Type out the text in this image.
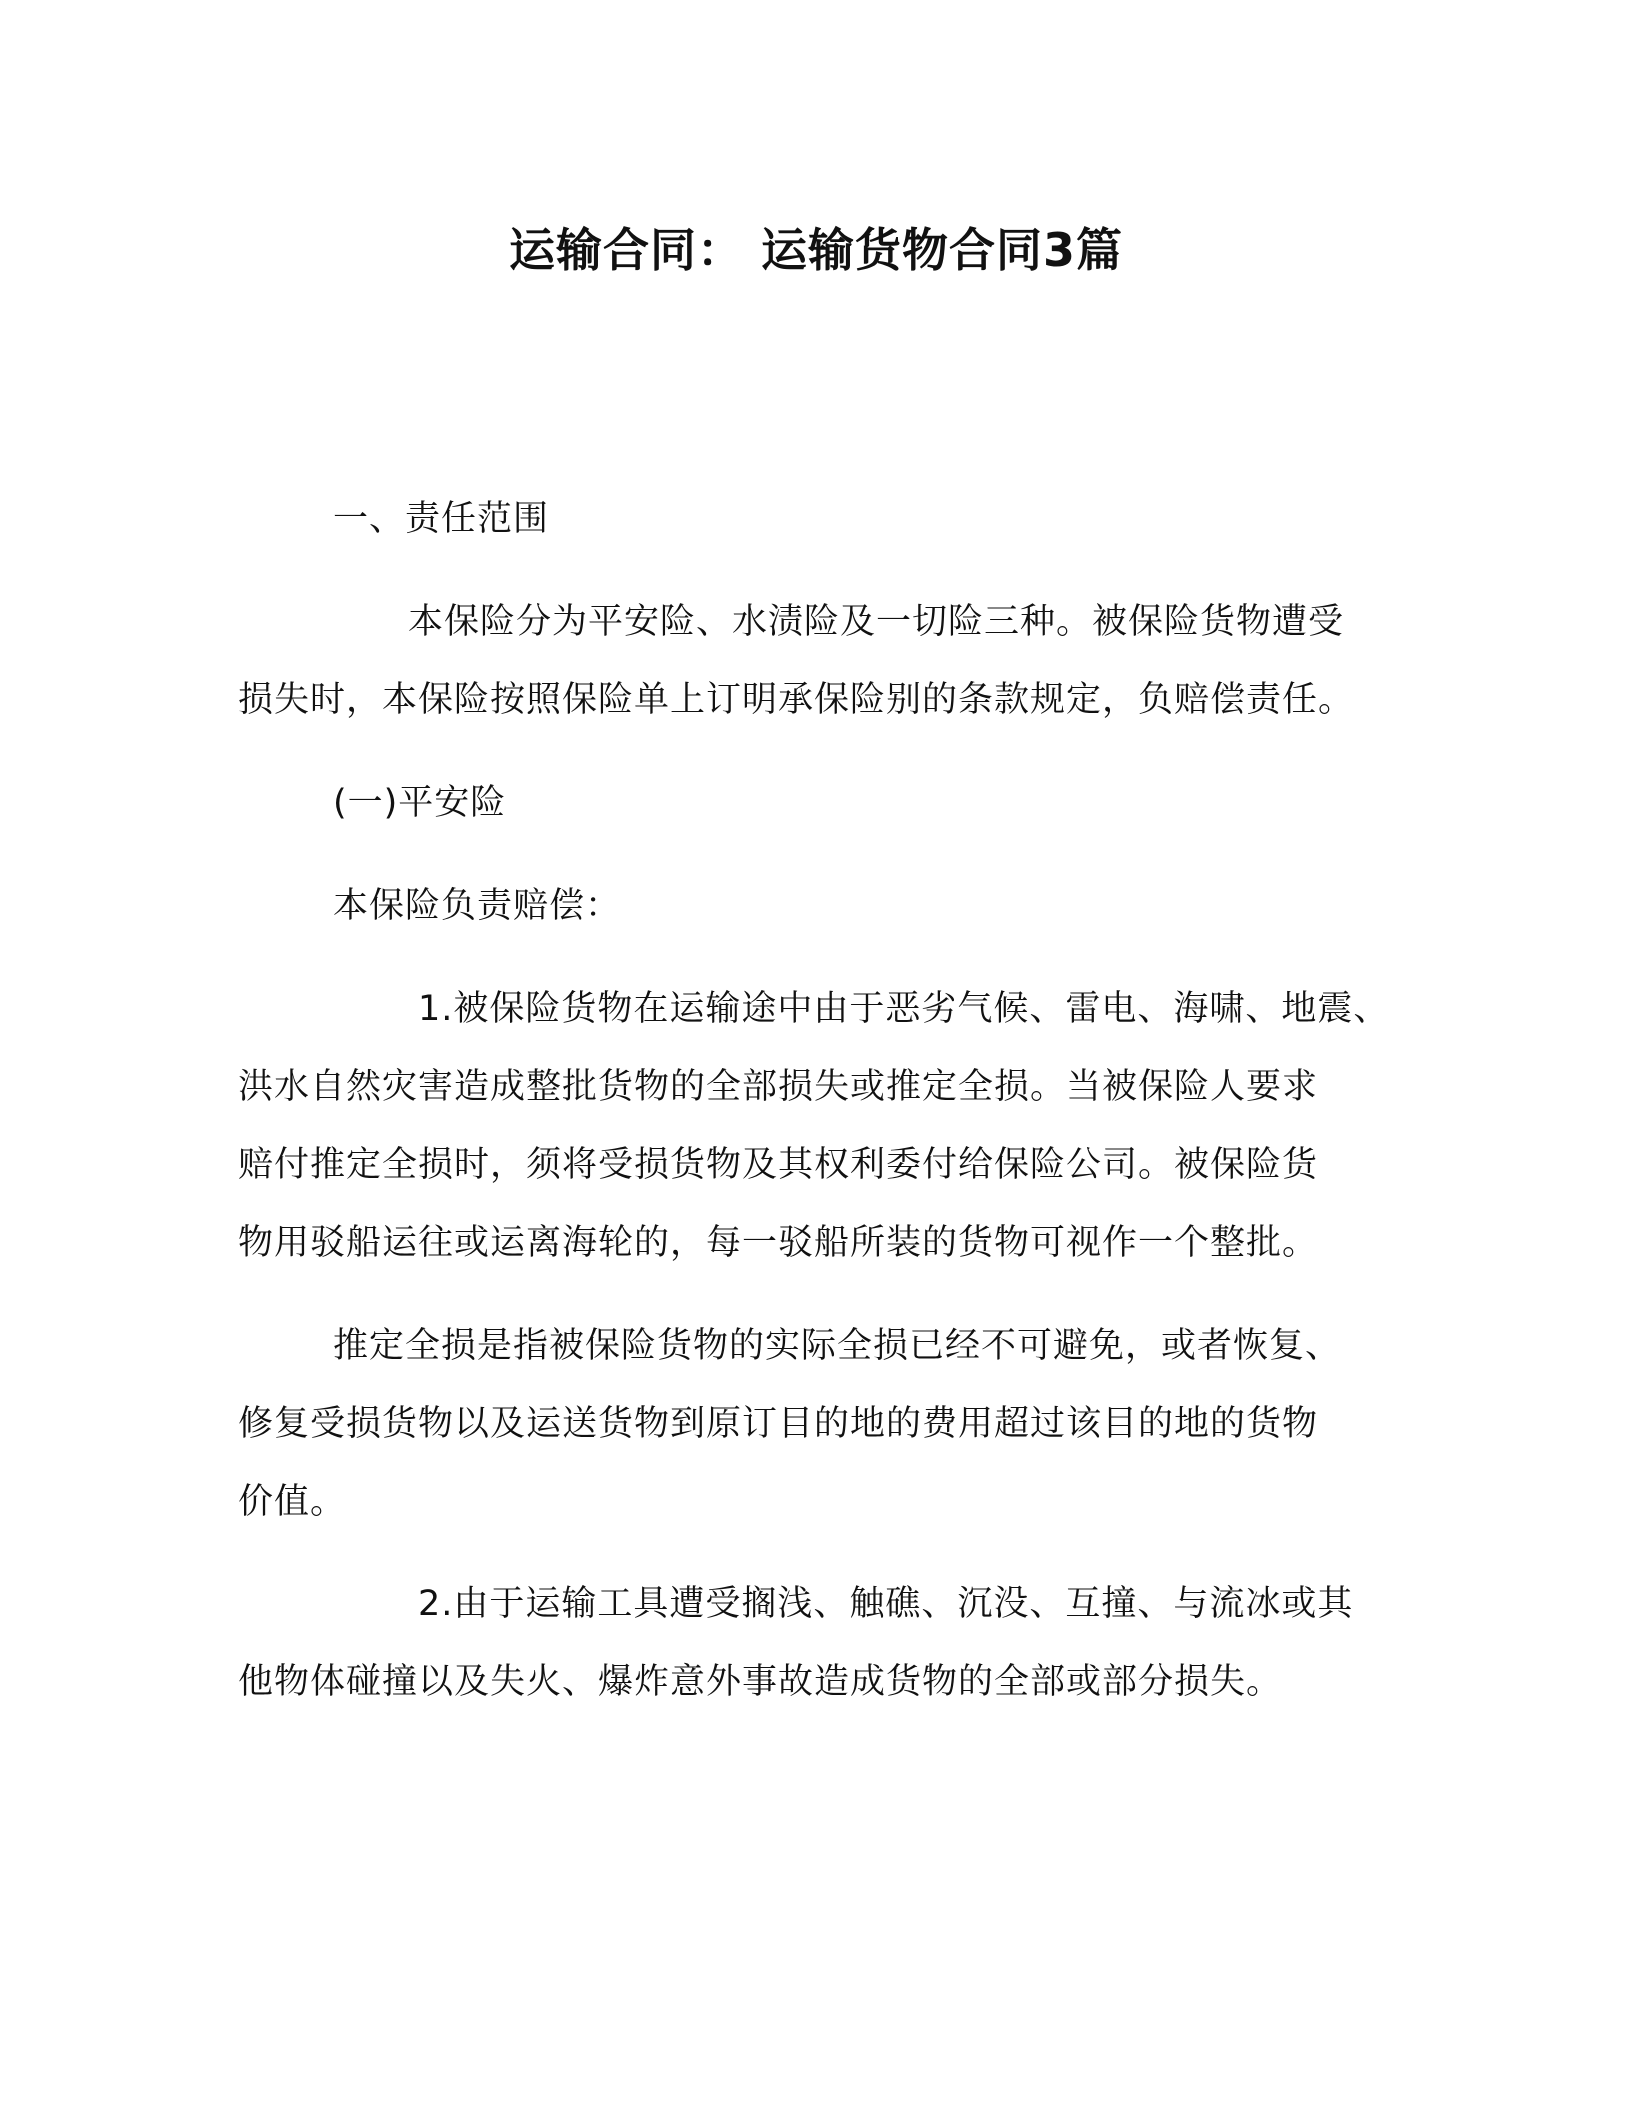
运输合同： 运输货物合同3篇
一、责任范围
本保险分为平安险、水渍险及一切险三种。被保险货物遭受
损失时，本保险按照保险单上订明承保险别的条款规定，负赔偿责任。
(一)平安险
本保险负责赔偿：
1.被保险货物在运输途中由于恶劣气候、雷电、海啸、地震、
洪水自然灾害造成整批货物的全部损失或推定全损。当被保险人要求
赔付推定全损时，须将受损货物及其权利委付给保险公司。被保险货
物用驳船运往或运离海轮的，每一驳船所装的货物可视作一个整批。
推定全损是指被保险货物的实际全损已经不可避免，或者恢复、
修复受损货物以及运送货物到原订目的地的费用超过该目的地的货物
价值。
2.由于运输工具遭受搁浅、触礁、沉没、互撞、与流冰或其
他物体碰撞以及失火、爆炸意外事故造成货物的全部或部分损失。
